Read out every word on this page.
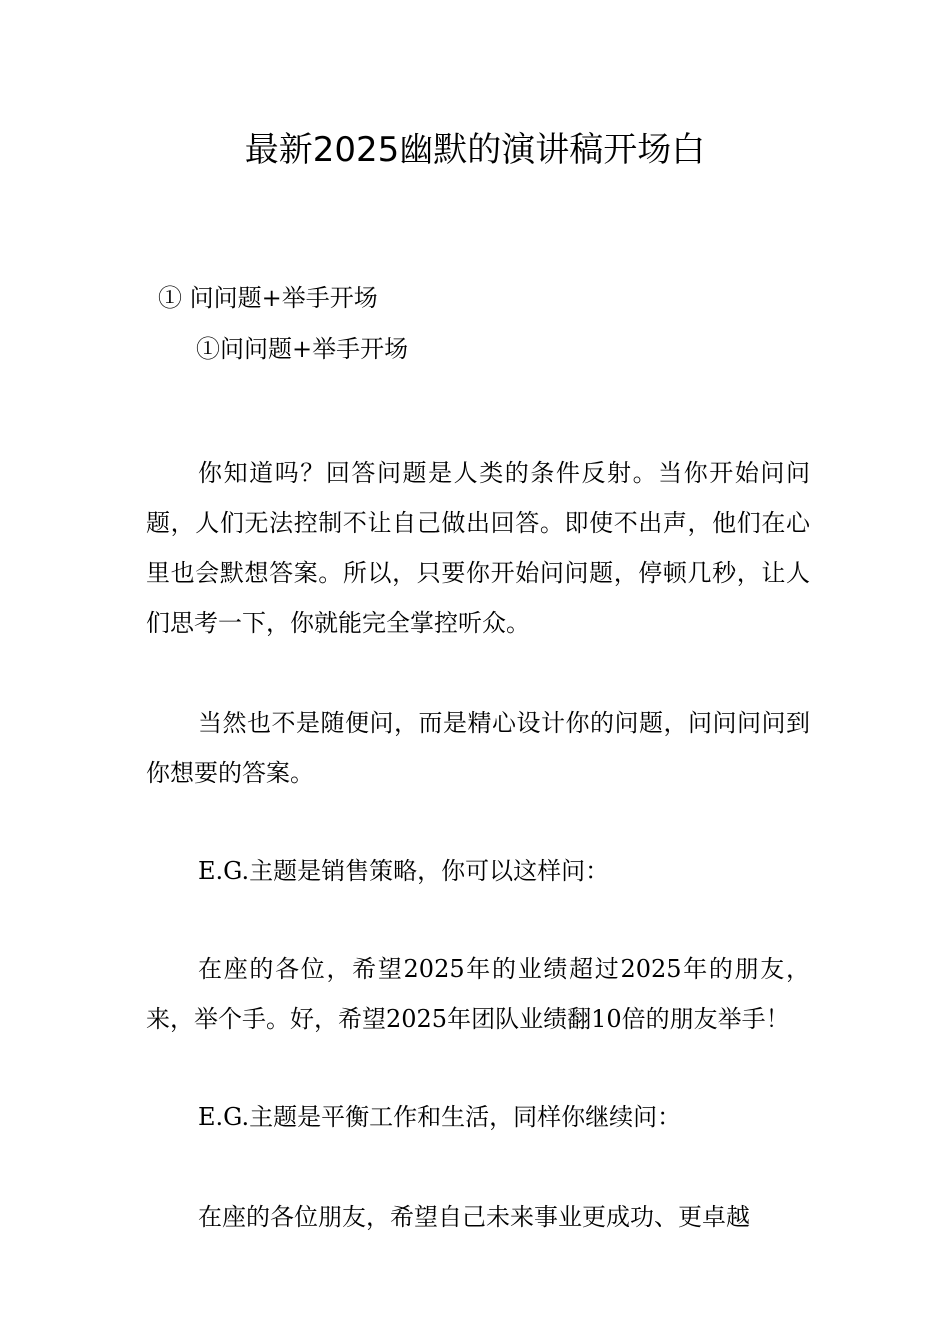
最新2025幽默的演讲稿开场白
① 问问题+举手开场
①问问题+举手开场

你知道吗？回答问题是人类的条件反射。当你开始问问题，人们无法控制不让自己做出回答。即使不出声，他们在心里也会默想答案。所以，只要你开始问问题，停顿几秒，让人们思考一下，你就能完全掌控听众。

当然也不是随便问，而是精心设计你的问题，问问问问到你想要的答案。

E.G.主题是销售策略，你可以这样问：

在座的各位，希望2025年的业绩超过2025年的朋友，来，举个手。好，希望2025年团队业绩翻10倍的朋友举手！

E.G.主题是平衡工作和生活，同样你继续问：

在座的各位朋友，希望自己未来事业更成功、更卓越
